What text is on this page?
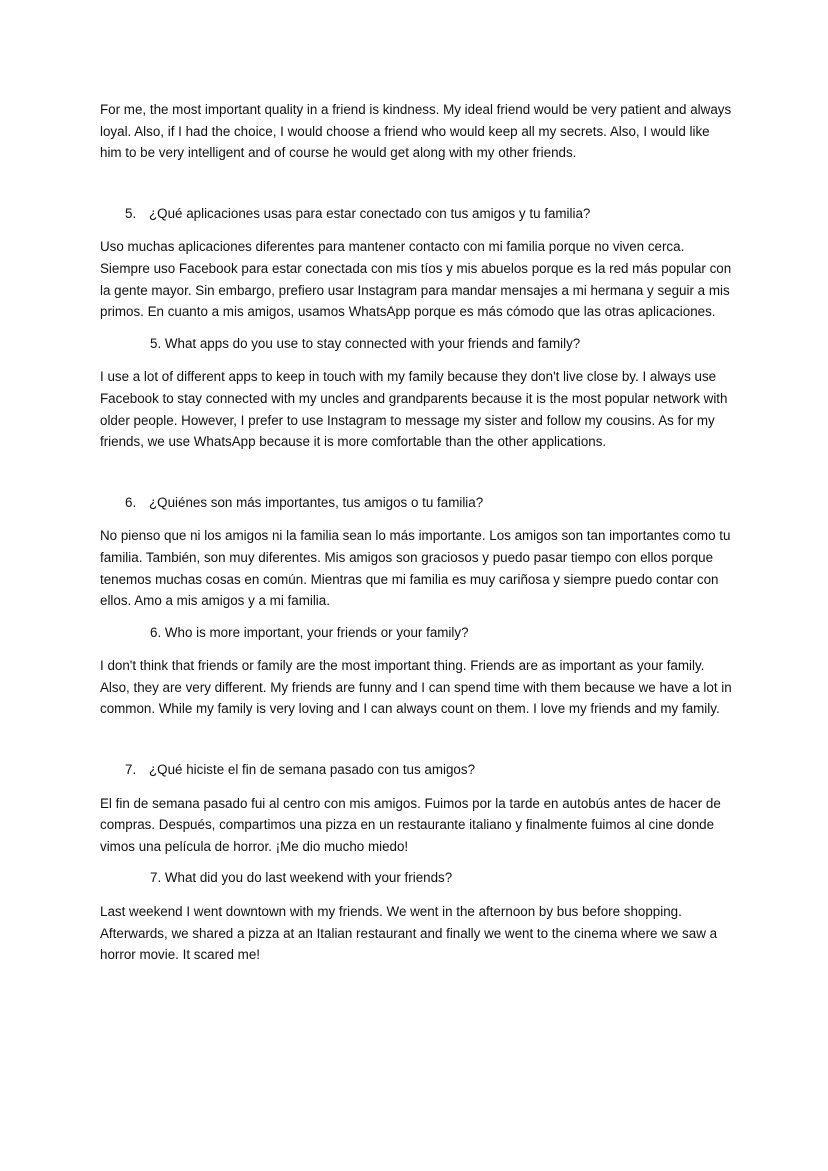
For me, the most important quality in a friend is kindness. My ideal friend would be very patient and always loyal. Also, if I had the choice, I would choose a friend who would keep all my secrets. Also, I would like him to be very intelligent and of course he would get along with my other friends.

5. ¿Qué aplicaciones usas para estar conectado con tus amigos y tu familia?

Uso muchas aplicaciones diferentes para mantener contacto con mi familia porque no viven cerca. Siempre uso Facebook para estar conectada con mis tíos y mis abuelos porque es la red más popular con la gente mayor. Sin embargo, prefiero usar Instagram para mandar mensajes a mi hermana y seguir a mis primos. En cuanto a mis amigos, usamos WhatsApp porque es más cómodo que las otras aplicaciones.

5. What apps do you use to stay connected with your friends and family?

I use a lot of different apps to keep in touch with my family because they don't live close by. I always use Facebook to stay connected with my uncles and grandparents because it is the most popular network with older people. However, I prefer to use Instagram to message my sister and follow my cousins. As for my friends, we use WhatsApp because it is more comfortable than the other applications.

6. ¿Quiénes son más importantes, tus amigos o tu familia?

No pienso que ni los amigos ni la familia sean lo más importante. Los amigos son tan importantes como tu familia. También, son muy diferentes. Mis amigos son graciosos y puedo pasar tiempo con ellos porque tenemos muchas cosas en común. Mientras que mi familia es muy cariñosa y siempre puedo contar con ellos. Amo a mis amigos y a mi familia.

6. Who is more important, your friends or your family?

I don't think that friends or family are the most important thing. Friends are as important as your family. Also, they are very different. My friends are funny and I can spend time with them because we have a lot in common. While my family is very loving and I can always count on them. I love my friends and my family.

7. ¿Qué hiciste el fin de semana pasado con tus amigos?

El fin de semana pasado fui al centro con mis amigos. Fuimos por la tarde en autobús antes de hacer de compras. Después, compartimos una pizza en un restaurante italiano y finalmente fuimos al cine donde vimos una película de horror. ¡Me dio mucho miedo!

7. What did you do last weekend with your friends?

Last weekend I went downtown with my friends. We went in the afternoon by bus before shopping. Afterwards, we shared a pizza at an Italian restaurant and finally we went to the cinema where we saw a horror movie. It scared me!
